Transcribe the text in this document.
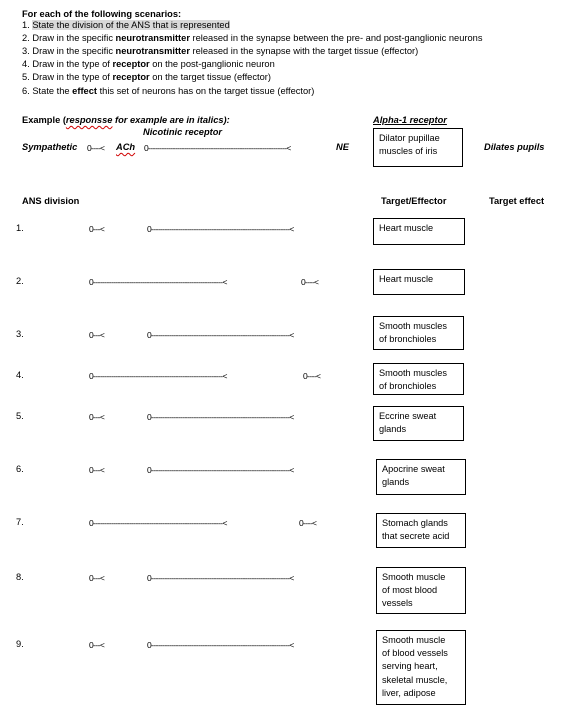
For each of the following scenarios:
1. State the division of the ANS that is represented
2. Draw in the specific neurotransmitter released in the synapse between the pre- and post-ganglionic neurons
3. Draw in the specific neurotransmitter released in the synapse with the target tissue (effector)
4. Draw in the type of receptor on the post-ganglionic neuron
5. Draw in the type of receptor on the target tissue (effector)
6. State the effect this set of neurons has on the target tissue (effector)
Example (responsse for example are in italics):
Nicotinic receptor
Alpha-1 receptor
Sympathetic 0----< ACh 0--------------------------------------------------------------<	NE
Dilator pupillae
muscles of iris	Dilates pupils
ANS division	Target/Effector	Target effect
1.	0---<	0--------------------------------------------------------------<	Heart muscle
2.	0----------------------------------------------------------<	0----<	Heart muscle
3.	0---<	0--------------------------------------------------------------<
Smooth muscles
of bronchioles
4.	0----------------------------------------------------------<	0----<	Smooth muscles
of bronchioles
5.	0---<	0--------------------------------------------------------------<	Eccrine sweat
glands
6.	0---<	0--------------------------------------------------------------<	Apocrine sweat
glands
7.	0----------------------------------------------------------<	0----<	Stomach glands
that secrete acid
8.	0---<	0--------------------------------------------------------------<	Smooth muscle
of most blood
vessels
9.	0---<	0--------------------------------------------------------------<	Smooth muscle
of blood vessels
serving heart,
skeletal muscle,
liver, adipose
